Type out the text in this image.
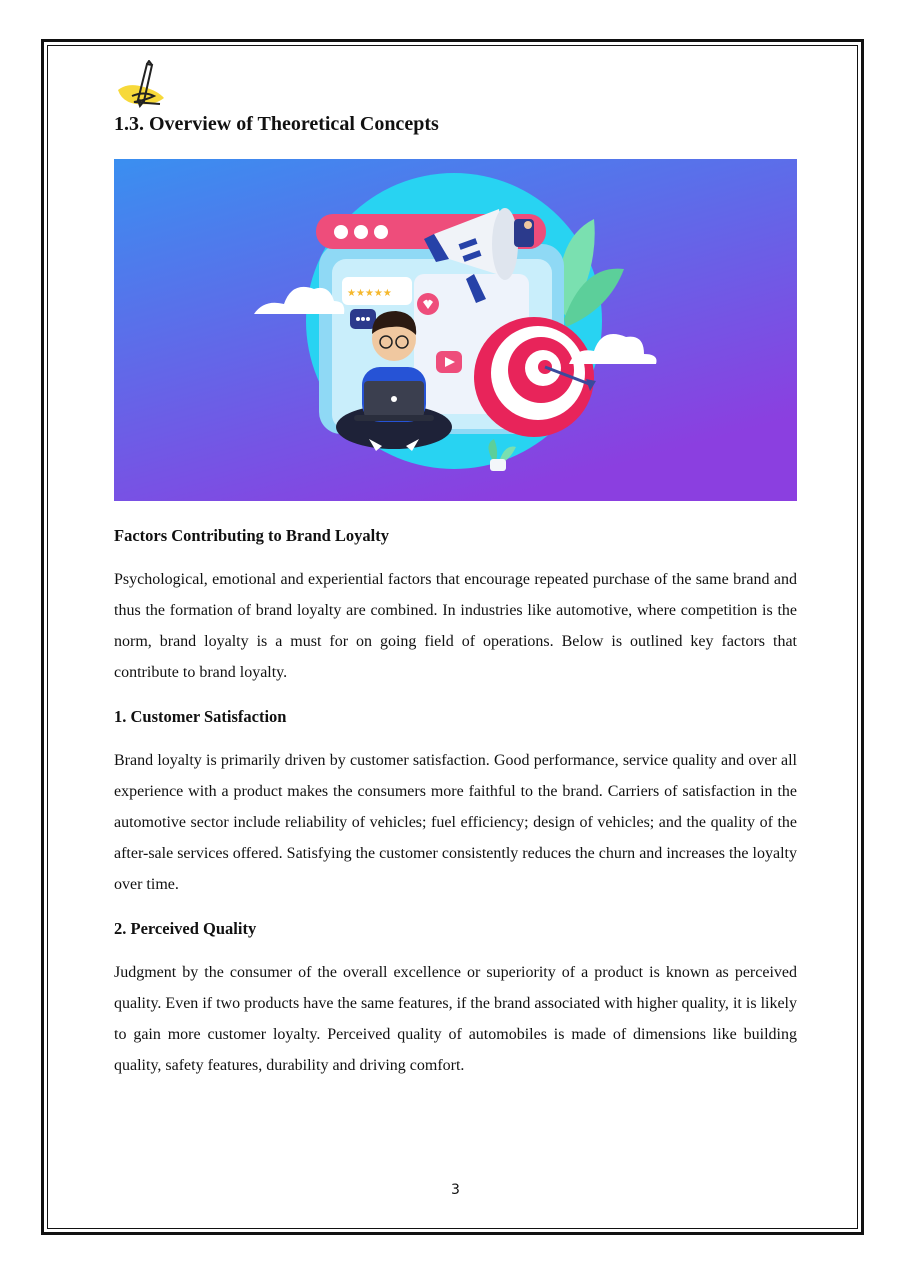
1.3. Overview of Theoretical Concepts
★★★★★
Factors Contributing to Brand Loyalty

Psychological, emotional and experiential factors that encourage repeated purchase of the same brand and thus the formation of brand loyalty are combined. In industries like automotive, where competition is the norm, brand loyalty is a must for on going field of operations. Below is outlined key factors that contribute to brand loyalty.

1. Customer Satisfaction

Brand loyalty is primarily driven by customer satisfaction. Good performance, service quality and over all experience with a product makes the consumers more faithful to the brand. Carriers of satisfaction in the automotive sector include reliability of vehicles; fuel efficiency; design of vehicles; and the quality of the after-sale services offered. Satisfying the customer consistently reduces the churn and increases the loyalty over time.

2. Perceived Quality

Judgment by the consumer of the overall excellence or superiority of a product is known as perceived quality. Even if two products have the same features, if the brand associated with higher quality, it is likely to gain more customer loyalty. Perceived quality of automobiles is made of dimensions like building quality, safety features, durability and driving comfort.

3
